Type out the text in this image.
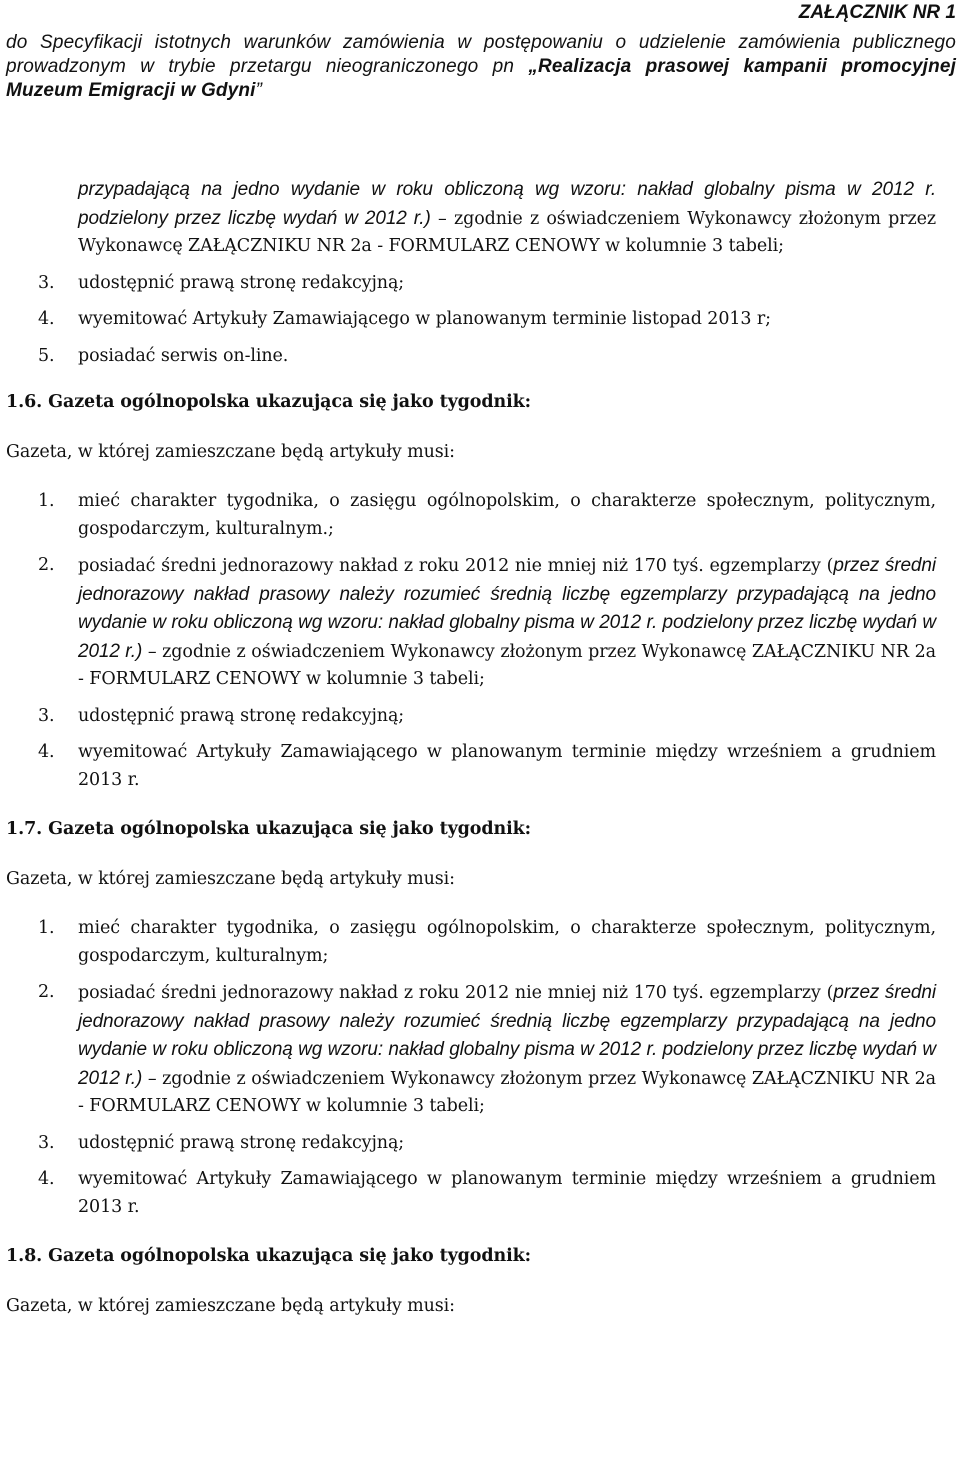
ZAŁĄCZNIK NR 1
do Specyfikacji istotnych warunków zamówienia w postępowaniu o udzielenie zamówienia publicznego prowadzonym w trybie przetargu nieograniczonego pn „Realizacja prasowej kampanii promocyjnej Muzeum Emigracji w Gdyni”
przypadającą na jedno wydanie w roku obliczoną wg wzoru: nakład globalny pisma w 2012 r. podzielony przez liczbę wydań w 2012 r.) – zgodnie z oświadczeniem Wykonawcy złożonym przez Wykonawcę ZAŁĄCZNIKU NR 2a - FORMULARZ CENOWY w kolumnie 3 tabeli;
3. udostępnić prawą stronę redakcyjną;
4. wyemitować Artykuły Zamawiającego w planowanym terminie listopad 2013 r;
5. posiadać serwis on-line.
1.6. Gazeta ogólnopolska ukazująca się jako tygodnik:
Gazeta, w której zamieszczane będą artykuły musi:
1. mieć charakter tygodnika, o zasięgu ogólnopolskim, o charakterze społecznym, politycznym, gospodarczym, kulturalnym.;
2. posiadać średni jednorazowy nakład z roku 2012 nie mniej niż 170 tyś. egzemplarzy (przez średni jednorazowy nakład prasowy należy rozumieć średnią liczbę egzemplarzy przypadającą na jedno wydanie w roku obliczoną wg wzoru: nakład globalny pisma w 2012 r. podzielony przez liczbę wydań w 2012 r.) – zgodnie z oświadczeniem Wykonawcy złożonym przez Wykonawcę ZAŁĄCZNIKU NR 2a - FORMULARZ CENOWY w kolumnie 3 tabeli;
3. udostępnić prawą stronę redakcyjną;
4. wyemitować Artykuły Zamawiającego w planowanym terminie między wrześniem a grudniem 2013 r.
1.7. Gazeta ogólnopolska ukazująca się jako tygodnik:
Gazeta, w której zamieszczane będą artykuły musi:
1. mieć charakter tygodnika, o zasięgu ogólnopolskim, o charakterze społecznym, politycznym, gospodarczym, kulturalnym;
2. posiadać średni jednorazowy nakład z roku 2012 nie mniej niż 170 tyś. egzemplarzy (przez średni jednorazowy nakład prasowy należy rozumieć średnią liczbę egzemplarzy przypadającą na jedno wydanie w roku obliczoną wg wzoru: nakład globalny pisma w 2012 r. podzielony przez liczbę wydań w 2012 r.) – zgodnie z oświadczeniem Wykonawcy złożonym przez Wykonawcę ZAŁĄCZNIKU NR 2a - FORMULARZ CENOWY w kolumnie 3 tabeli;
3. udostępnić prawą stronę redakcyjną;
4. wyemitować Artykuły Zamawiającego w planowanym terminie między wrześniem a grudniem 2013 r.
1.8. Gazeta ogólnopolska ukazująca się jako tygodnik:
Gazeta, w której zamieszczane będą artykuły musi:
